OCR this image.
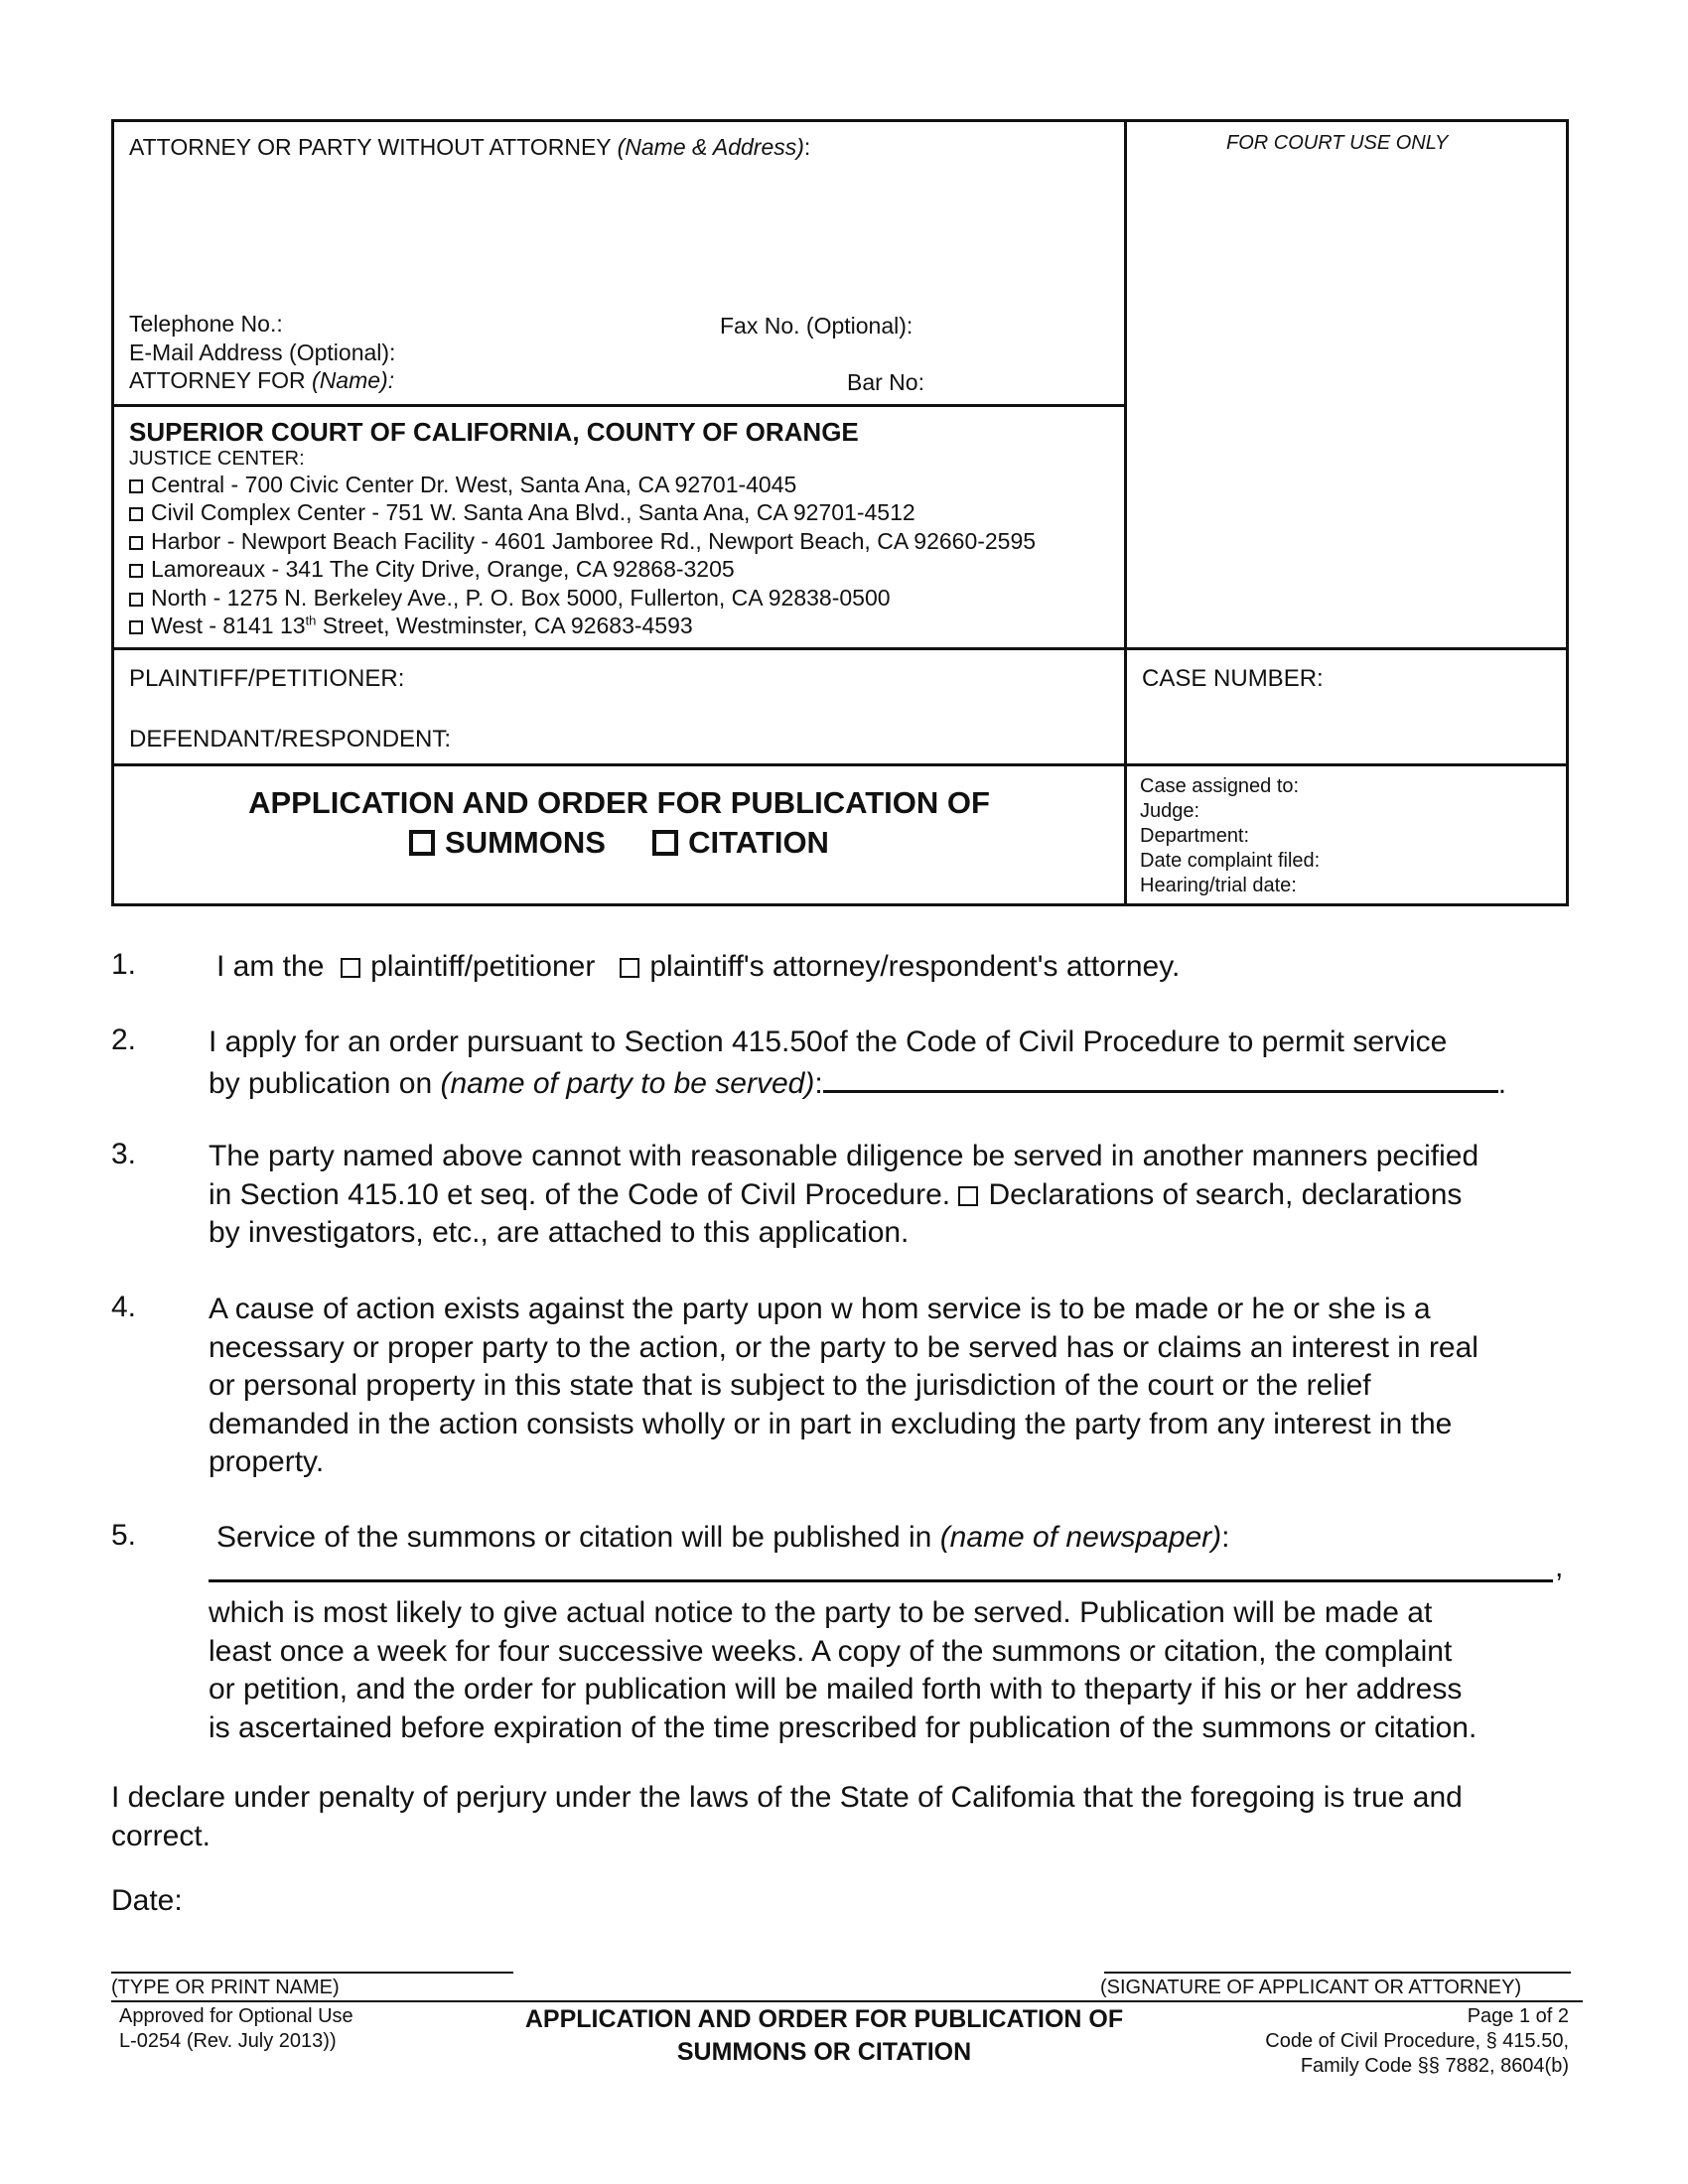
ATTORNEY OR PARTY WITHOUT ATTORNEY (Name & Address):	FOR COURT USE ONLY
Telephone No.:	Fax No. (Optional):
E-Mail Address (Optional):
ATTORNEY FOR (Name):	Bar No:
SUPERIOR COURT OF CALIFORNIA, COUNTY OF ORANGE
JUSTICE CENTER:
Central - 700 Civic Center Dr. West, Santa Ana, CA 92701-4045
Civil Complex Center - 751 W. Santa Ana Blvd., Santa Ana, CA 92701-4512
Harbor - Newport Beach Facility - 4601 Jamboree Rd., Newport Beach, CA 92660-2595
Lamoreaux - 341 The City Drive, Orange, CA 92868-3205
North - 1275 N. Berkeley Ave., P. O. Box 5000, Fullerton, CA 92838-0500
West - 8141 13th Street, Westminster, CA 92683-4593
PLAINTIFF/PETITIONER:
DEFENDANT/RESPONDENT:
CASE NUMBER:
APPLICATION AND ORDER FOR PUBLICATION OF
SUMMONS	CITATION
Case assigned to:
Judge:
Department:
Date complaint filed:
Hearing/trial date:
1.	I am the plaintiff/petitioner plaintiff's attorney/respondent's attorney.
2. I apply for an order pursuant to Section 415.50of the Code of Civil Procedure to permit service
by publication on (name of party to be served):	.
3. The party named above cannot with reasonable diligence be served in another manners pecified
in Section 415.10 et seq. of the Code of Civil Procedure. Declarations of search, declarations
by investigators, etc., are attached to this application.
4. A cause of action exists against the party upon w hom service is to be made or he or she is a
necessary or proper party to the action, or the party to be served has or claims an interest in real
or personal property in this state that is subject to the jurisdiction of the court or the relief
demanded in the action consists wholly or in part in excluding the party from any interest in the
property.
5.	Service of the summons or citation will be published in (name of newspaper):
,
which is most likely to give actual notice to the party to be served. Publication will be made at
least once a week for four successive weeks. A copy of the summons or citation, the complaint
or petition, and the order for publication will be mailed forth with to theparty if his or her address
is ascertained before expiration of the time prescribed for publication of the summons or citation.
I declare under penalty of perjury under the laws of the State of Califomia that the foregoing is true and
correct.
Date:
(TYPE OR PRINT NAME)	(SIGNATURE OF APPLICANT OR ATTORNEY)
Approved for Optional Use
L-0254 (Rev. July 2013))
APPLICATION AND ORDER FOR PUBLICATION OF
SUMMONS OR CITATION
Page 1 of 2
Code of Civil Procedure, § 415.50,
Family Code §§ 7882, 8604(b)
